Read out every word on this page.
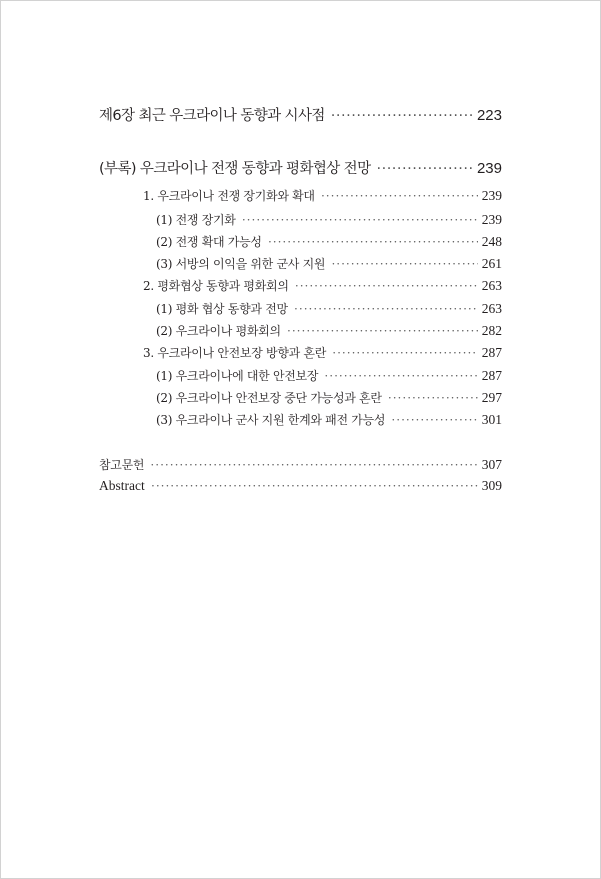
제6장 최근 우크라이나 동향과 시사점 ·····	223
(부록) 우크라이나 전쟁 동향과 평화협상 전망 ·····	239
1. 우크라이나 전쟁 장기화와 확대 ·····	239
(1) 전쟁 장기화 ·····	239
(2) 전쟁 확대 가능성 ·····	248
(3) 서방의 이익을 위한 군사 지원 ·····	261
2. 평화협상 동향과 평화회의 ·····	263
(1) 평화 협상 동향과 전망 ·····	263
(2) 우크라이나 평화회의 ·····	282
3. 우크라이나 안전보장 방향과 혼란 ·····	287
(1) 우크라이나에 대한 안전보장 ·····	287
(2) 우크라이나 안전보장 중단 가능성과 혼란 ·····	297
(3) 우크라이나 군사 지원 한계와 패전 가능성 ·····	301
참고문헌 ·····	307
Abstract ·····	309
